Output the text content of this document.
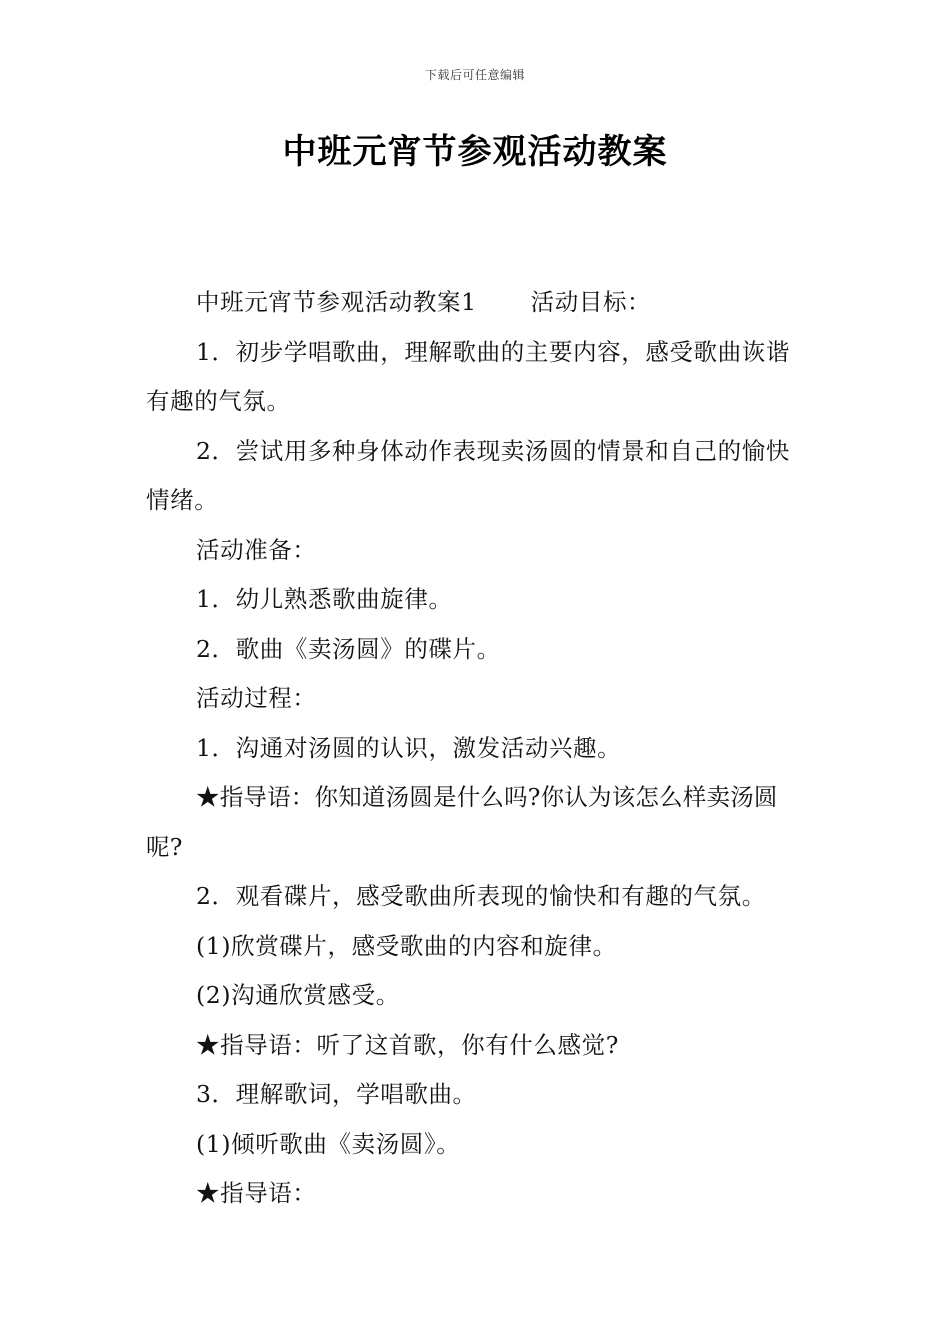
下载后可任意编辑
中班元宵节参观活动教案

中班元宵节参观活动教案1 活动目标：

1．初步学唱歌曲，理解歌曲的主要内容，感受歌曲诙谐有趣的气氛。

2．尝试用多种身体动作表现卖汤圆的情景和自己的愉快情绪。

活动准备：

1．幼儿熟悉歌曲旋律。

2．歌曲《卖汤圆》的碟片。

活动过程：

1．沟通对汤圆的认识，激发活动兴趣。

★指导语：你知道汤圆是什么吗?你认为该怎么样卖汤圆呢?

2．观看碟片，感受歌曲所表现的愉快和有趣的气氛。

(1)欣赏碟片，感受歌曲的内容和旋律。

(2)沟通欣赏感受。

★指导语：听了这首歌，你有什么感觉?

3．理解歌词，学唱歌曲。

(1)倾听歌曲《卖汤圆》。

★指导语：
